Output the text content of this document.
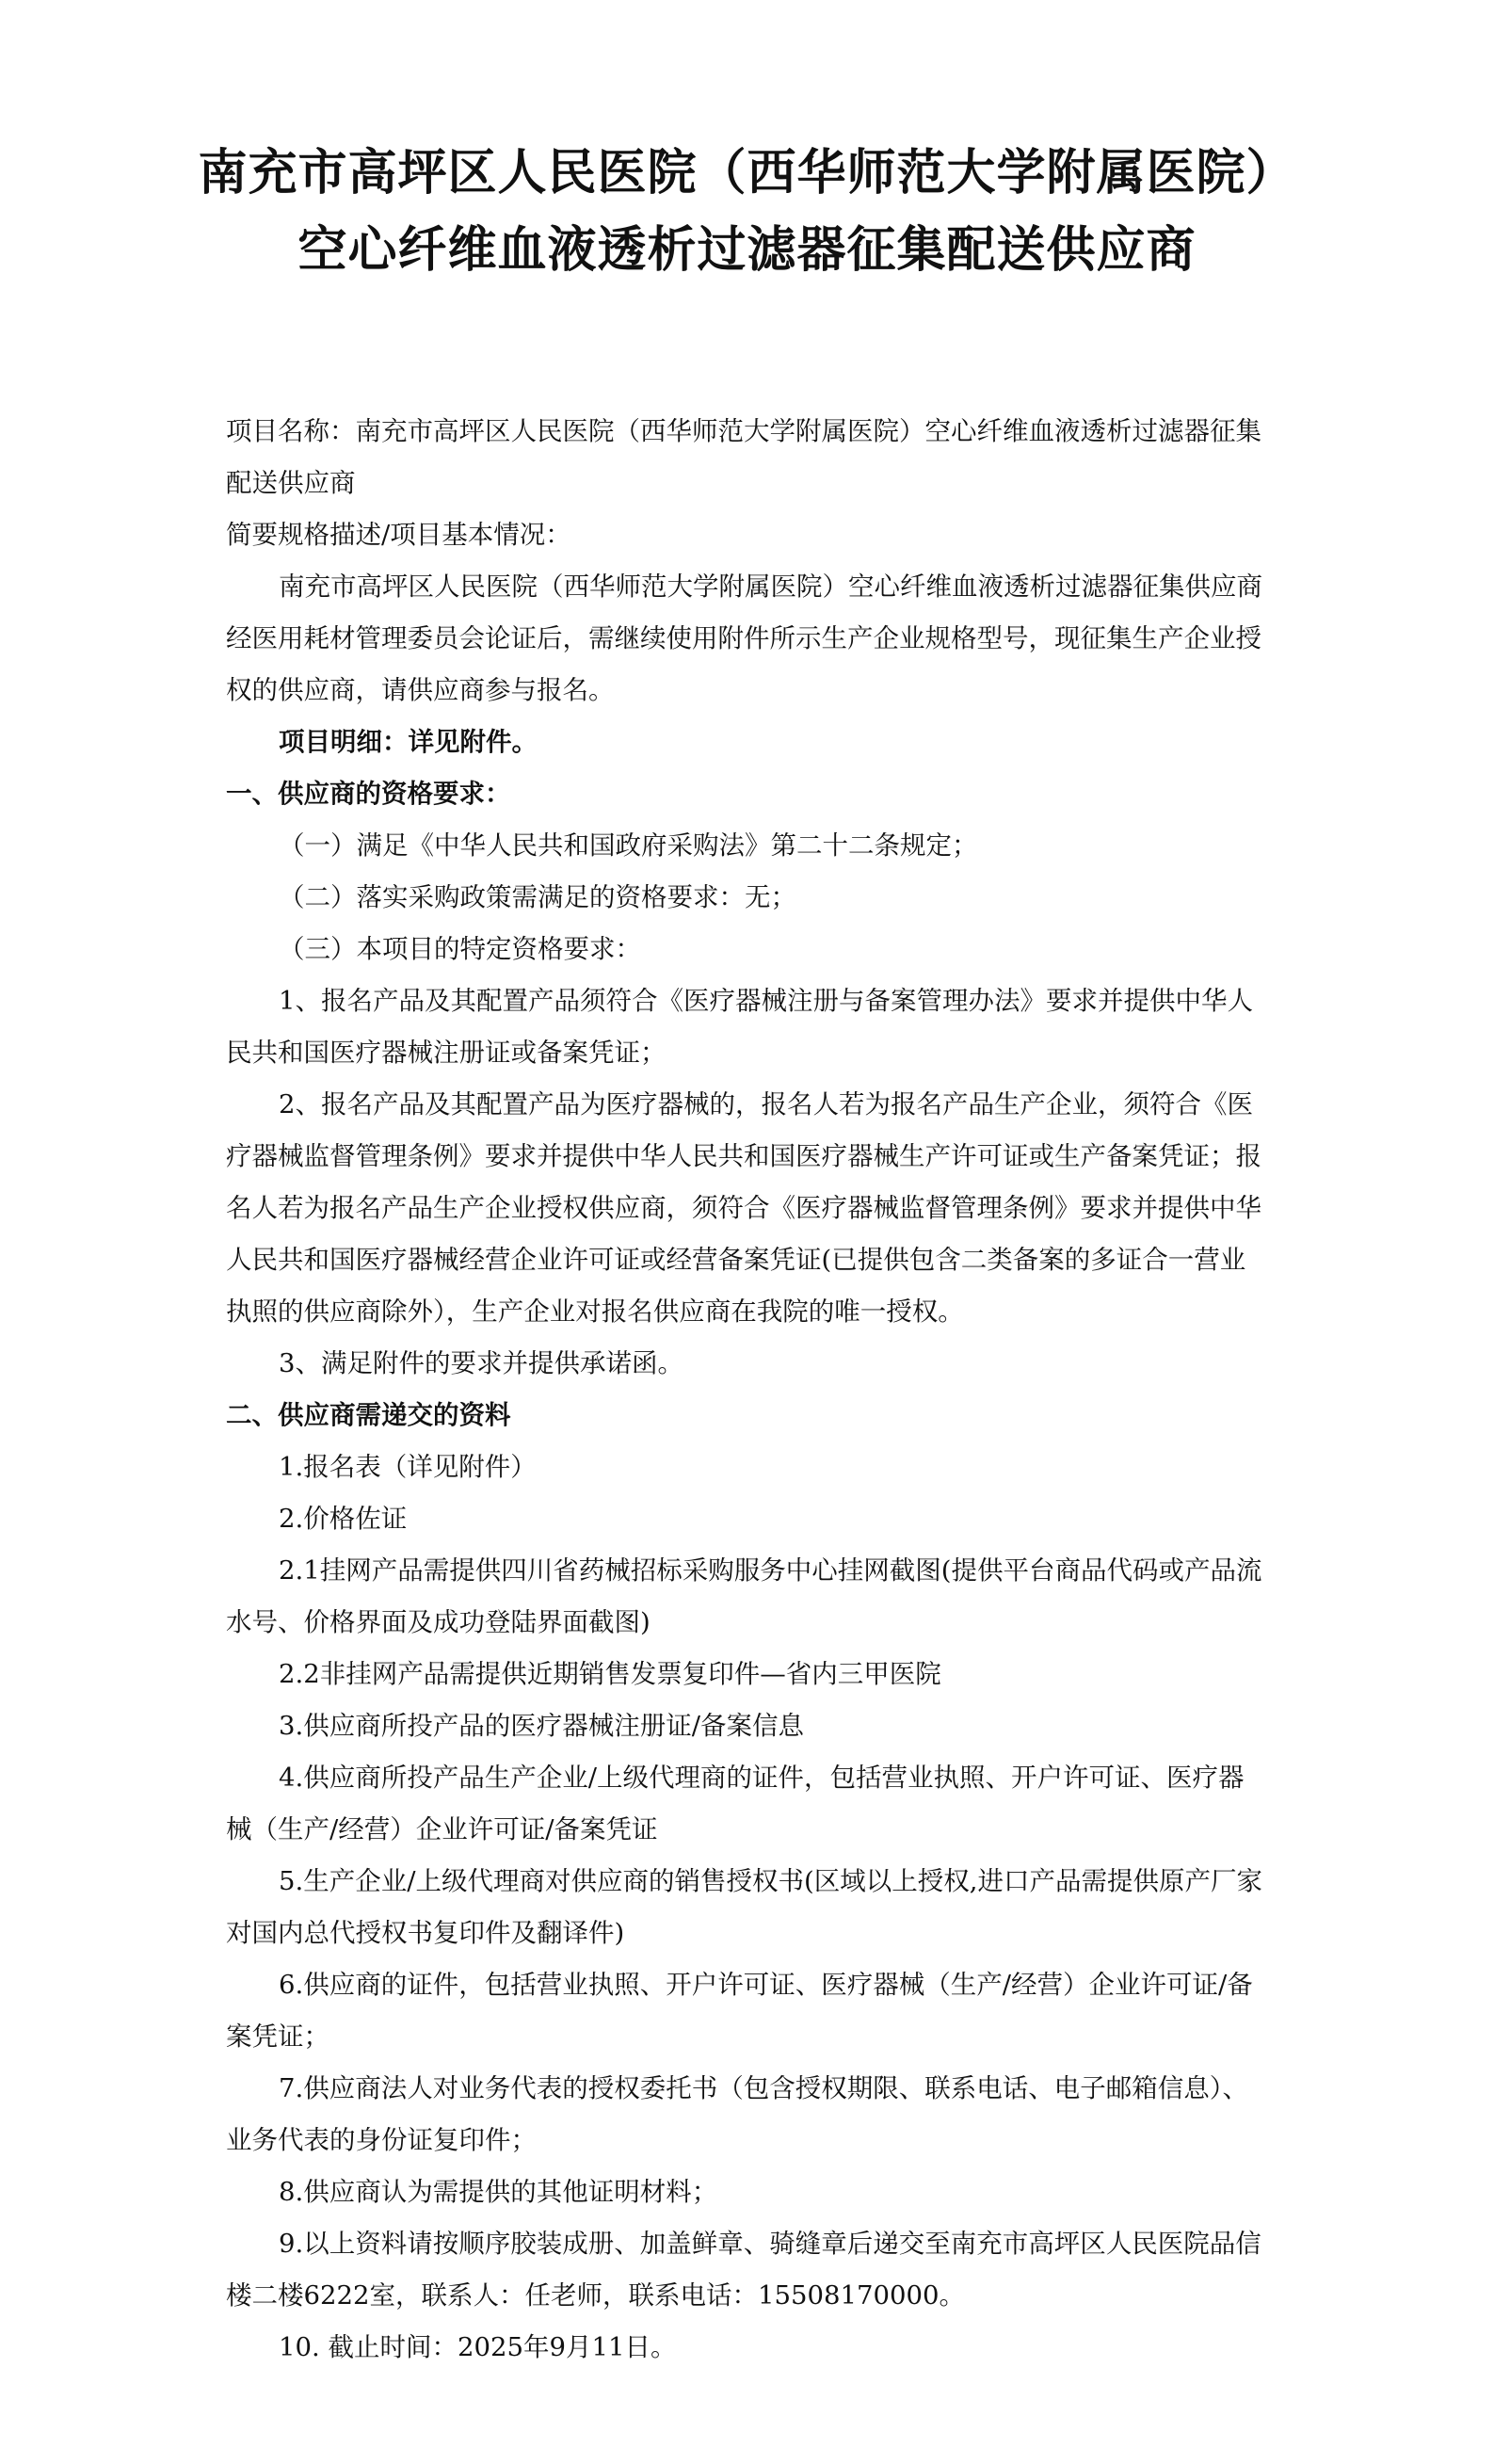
南充市高坪区人民医院（西华师范大学附属医院）
空心纤维血液透析过滤器征集配送供应商

项目名称：南充市高坪区人民医院（西华师范大学附属医院）空心纤维血液透析过滤器征集配送供应商

简要规格描述/项目基本情况：

南充市高坪区人民医院（西华师范大学附属医院）空心纤维血液透析过滤器征集供应商经医用耗材管理委员会论证后，需继续使用附件所示生产企业规格型号，现征集生产企业授权的供应商，请供应商参与报名。

项目明细：详见附件。

一、供应商的资格要求：

（一）满足《中华人民共和国政府采购法》第二十二条规定；

（二）落实采购政策需满足的资格要求：无；

（三）本项目的特定资格要求：

1、报名产品及其配置产品须符合《医疗器械注册与备案管理办法》要求并提供中华人民共和国医疗器械注册证或备案凭证；

2、报名产品及其配置产品为医疗器械的，报名人若为报名产品生产企业，须符合《医疗器械监督管理条例》要求并提供中华人民共和国医疗器械生产许可证或生产备案凭证；报名人若为报名产品生产企业授权供应商，须符合《医疗器械监督管理条例》要求并提供中华人民共和国医疗器械经营企业许可证或经营备案凭证(已提供包含二类备案的多证合一营业执照的供应商除外），生产企业对报名供应商在我院的唯一授权。

3、满足附件的要求并提供承诺函。

二、供应商需递交的资料

1.报名表（详见附件）

2.价格佐证

2.1挂网产品需提供四川省药械招标采购服务中心挂网截图(提供平台商品代码或产品流水号、价格界面及成功登陆界面截图)

2.2非挂网产品需提供近期销售发票复印件—省内三甲医院

3.供应商所投产品的医疗器械注册证/备案信息

4.供应商所投产品生产企业/上级代理商的证件，包括营业执照、开户许可证、医疗器械（生产/经营）企业许可证/备案凭证

5.生产企业/上级代理商对供应商的销售授权书(区域以上授权,进口产品需提供原产厂家对国内总代授权书复印件及翻译件)

6.供应商的证件，包括营业执照、开户许可证、医疗器械（生产/经营）企业许可证/备案凭证；

7.供应商法人对业务代表的授权委托书（包含授权期限、联系电话、电子邮箱信息）、业务代表的身份证复印件；

8.供应商认为需提供的其他证明材料；

9.以上资料请按顺序胶装成册、加盖鲜章、骑缝章后递交至南充市高坪区人民医院品信楼二楼6222室，联系人：任老师，联系电话：15508170000。

10. 截止时间：2025年9月11日。
